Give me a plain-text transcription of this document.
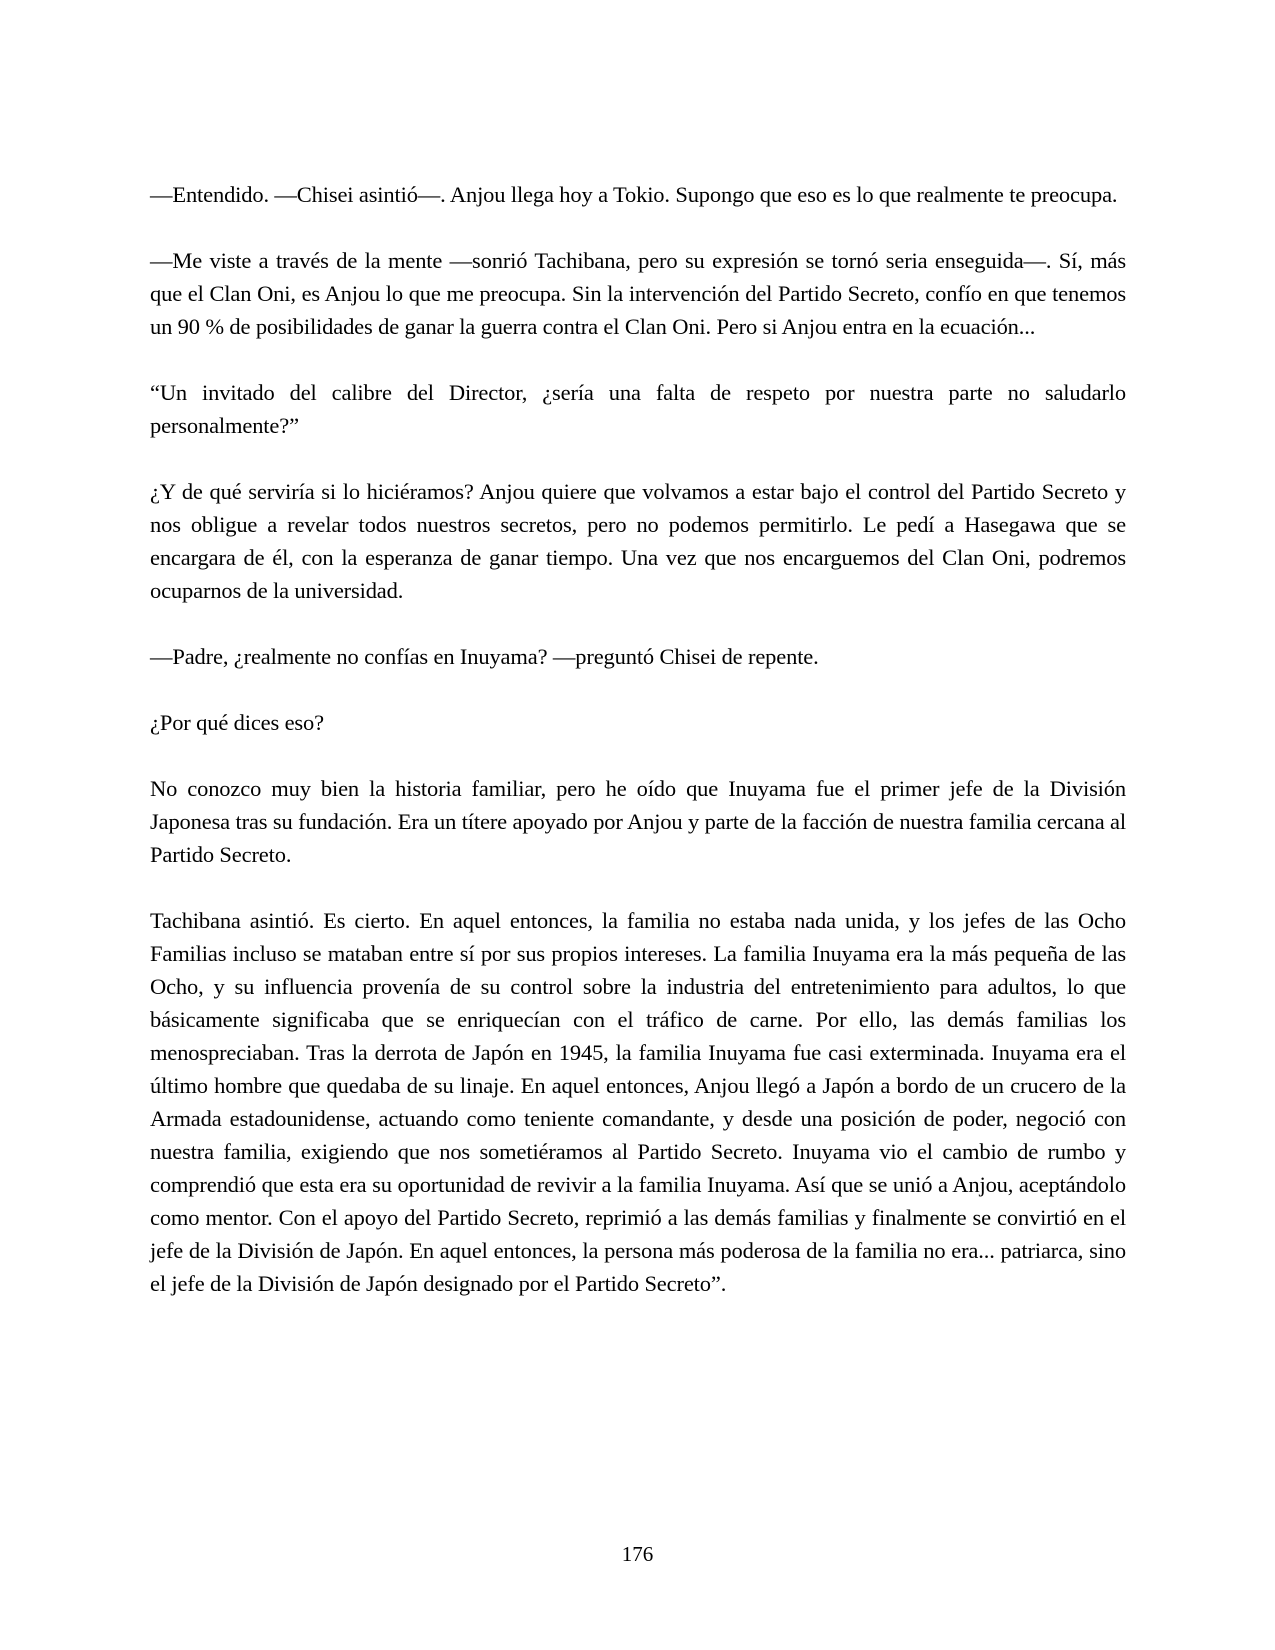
—Entendido. —Chisei asintió—. Anjou llega hoy a Tokio. Supongo que eso es lo que realmente te preocupa.

—Me viste a través de la mente —sonrió Tachibana, pero su expresión se tornó seria enseguida—. Sí, más que el Clan Oni, es Anjou lo que me preocupa. Sin la intervención del Partido Secreto, confío en que tenemos un 90 % de posibilidades de ganar la guerra contra el Clan Oni. Pero si Anjou entra en la ecuación...

“Un invitado del calibre del Director, ¿sería una falta de respeto por nuestra parte no saludarlo personalmente?”

¿Y de qué serviría si lo hiciéramos? Anjou quiere que volvamos a estar bajo el control del Partido Secreto y nos obligue a revelar todos nuestros secretos, pero no podemos permitirlo. Le pedí a Hasegawa que se encargara de él, con la esperanza de ganar tiempo. Una vez que nos encarguemos del Clan Oni, podremos ocuparnos de la universidad.

—Padre, ¿realmente no confías en Inuyama? —preguntó Chisei de repente.

¿Por qué dices eso?

No conozco muy bien la historia familiar, pero he oído que Inuyama fue el primer jefe de la División Japonesa tras su fundación. Era un títere apoyado por Anjou y parte de la facción de nuestra familia cercana al Partido Secreto.

Tachibana asintió. Es cierto. En aquel entonces, la familia no estaba nada unida, y los jefes de las Ocho Familias incluso se mataban entre sí por sus propios intereses. La familia Inuyama era la más pequeña de las Ocho, y su influencia provenía de su control sobre la industria del entretenimiento para adultos, lo que básicamente significaba que se enriquecían con el tráfico de carne. Por ello, las demás familias los menospreciaban. Tras la derrota de Japón en 1945, la familia Inuyama fue casi exterminada. Inuyama era el último hombre que quedaba de su linaje. En aquel entonces, Anjou llegó a Japón a bordo de un crucero de la Armada estadounidense, actuando como teniente comandante, y desde una posición de poder, negoció con nuestra familia, exigiendo que nos sometiéramos al Partido Secreto. Inuyama vio el cambio de rumbo y comprendió que esta era su oportunidad de revivir a la familia Inuyama. Así que se unió a Anjou, aceptándolo como mentor. Con el apoyo del Partido Secreto, reprimió a las demás familias y finalmente se convirtió en el jefe de la División de Japón. En aquel entonces, la persona más poderosa de la familia no era... patriarca, sino el jefe de la División de Japón designado por el Partido Secreto”.

176
